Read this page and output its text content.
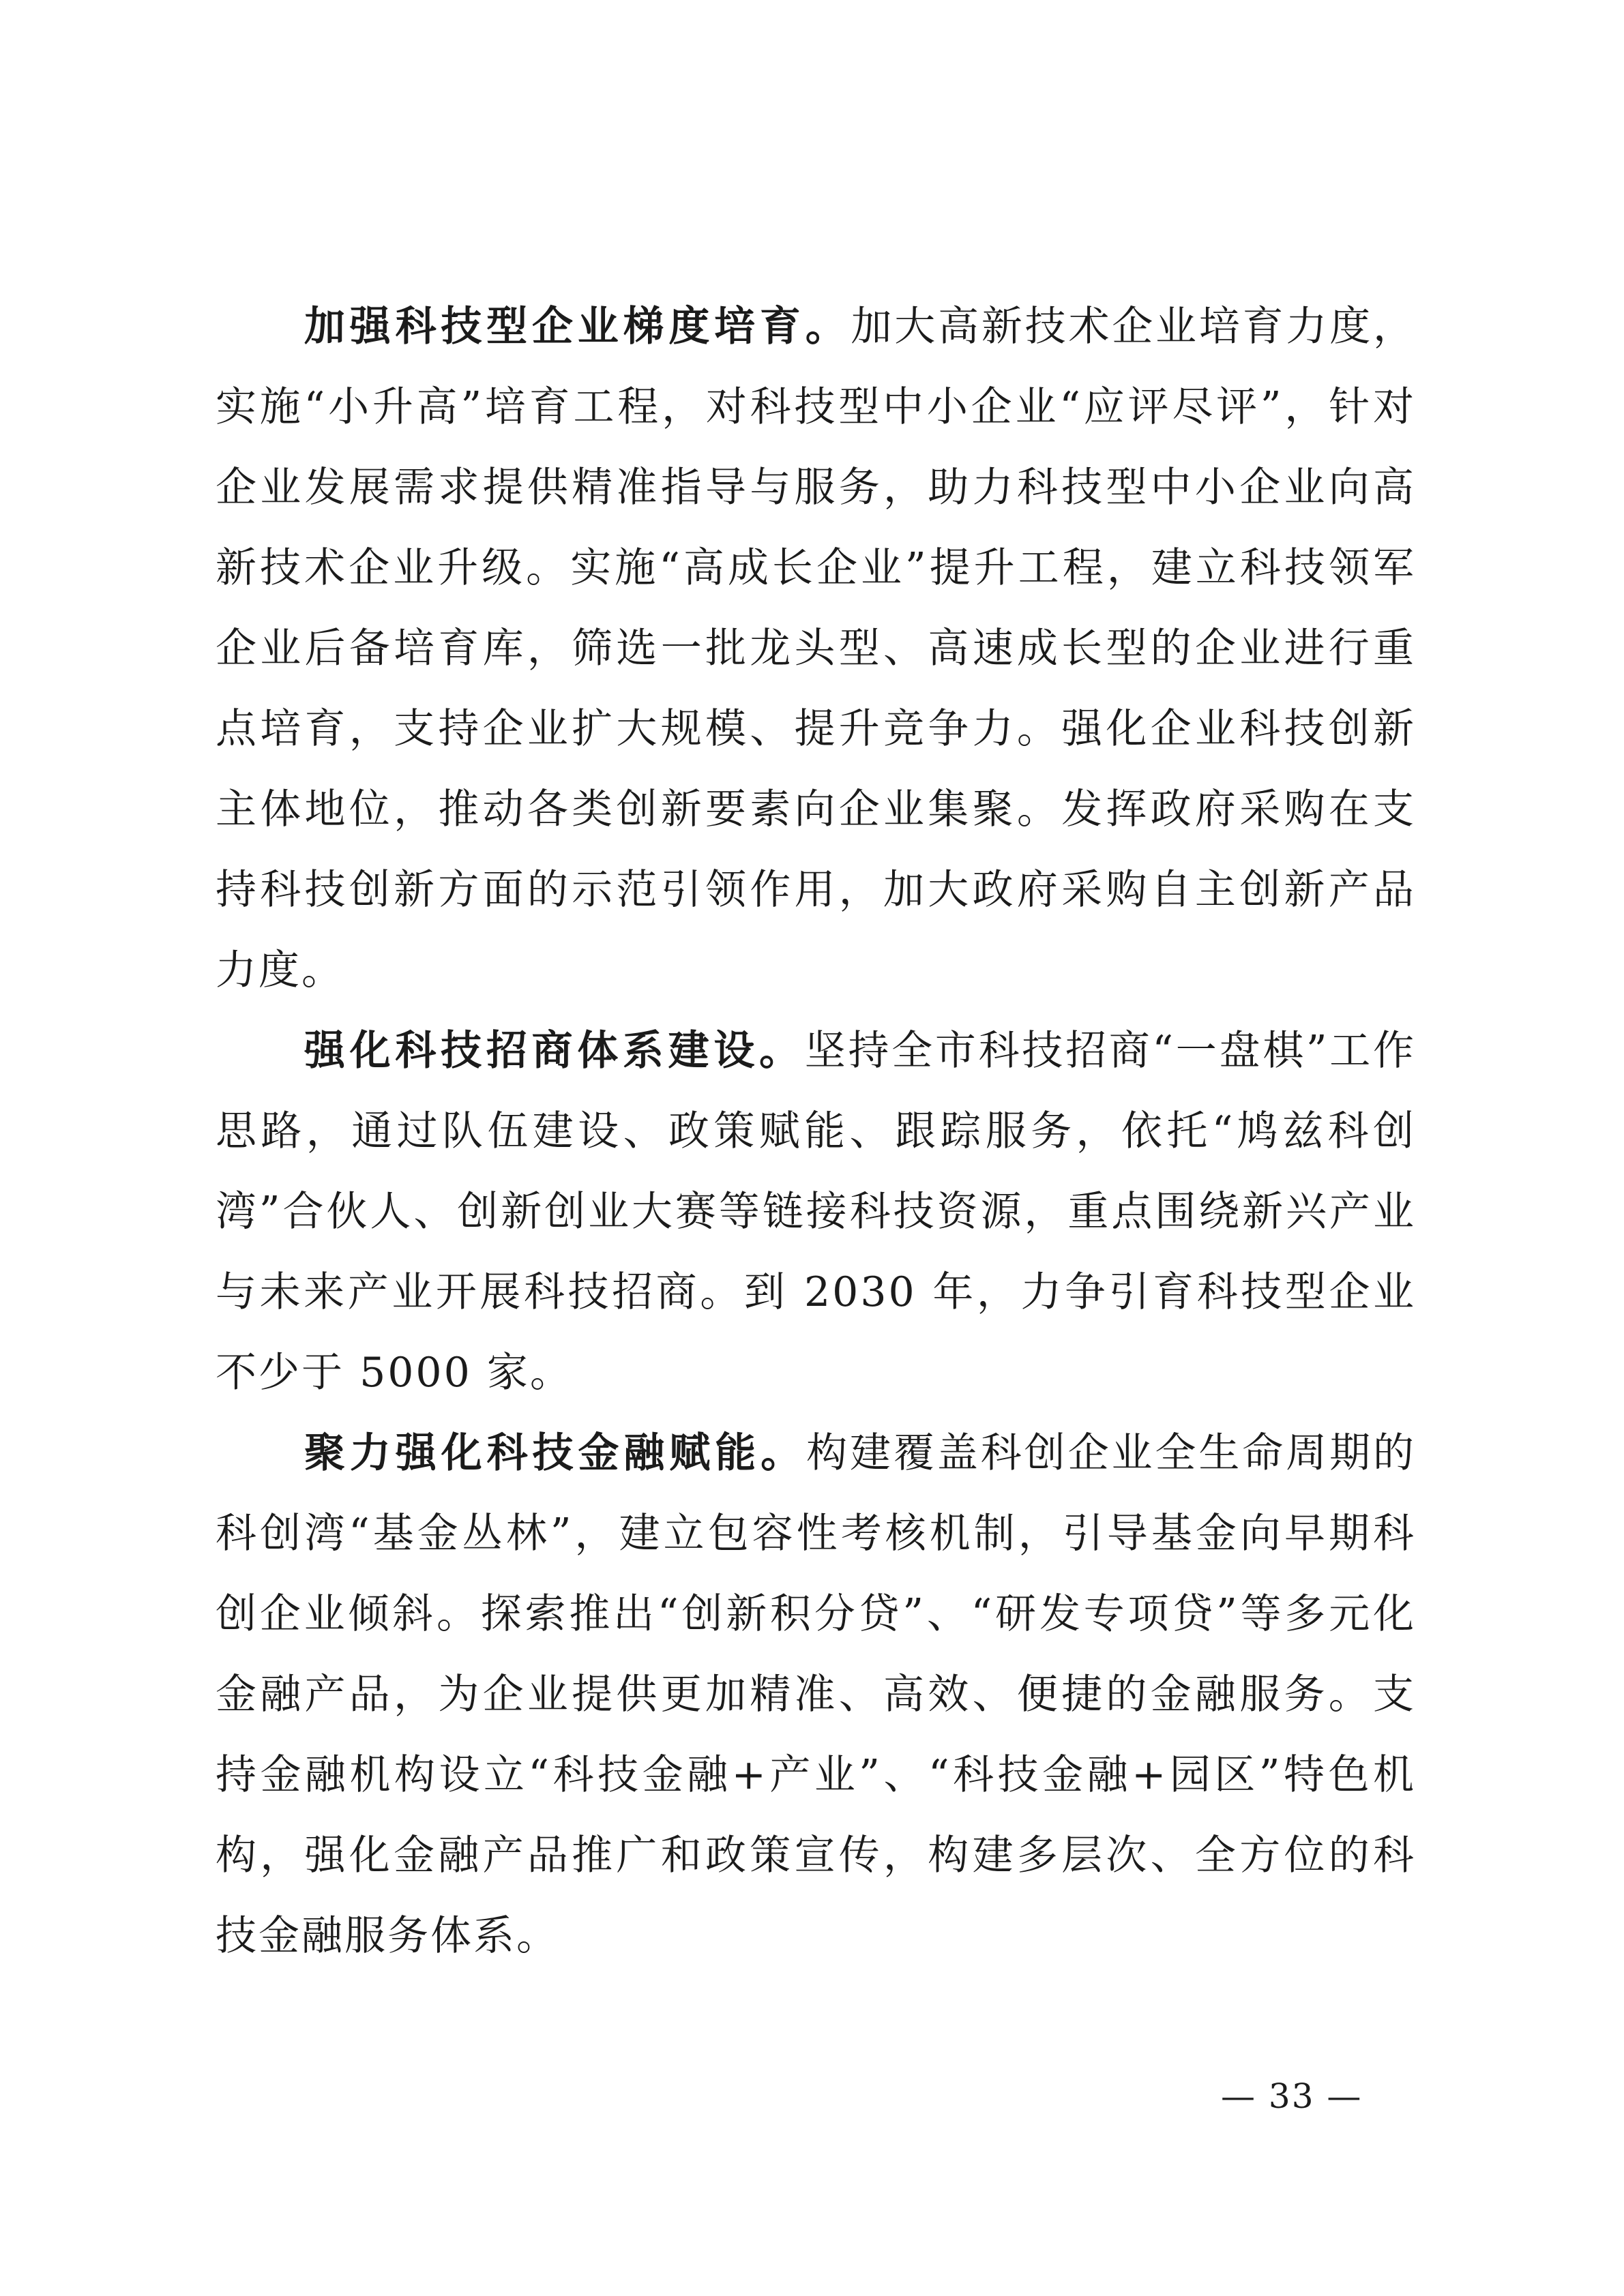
加强科技型企业梯度培育。加大高新技术企业培育力度，实施“小升高”培育工程，对科技型中小企业“应评尽评”，针对企业发展需求提供精准指导与服务，助力科技型中小企业向高新技术企业升级。实施“高成长企业”提升工程，建立科技领军企业后备培育库，筛选一批龙头型、高速成长型的企业进行重点培育，支持企业扩大规模、提升竞争力。强化企业科技创新主体地位，推动各类创新要素向企业集聚。发挥政府采购在支持科技创新方面的示范引领作用，加大政府采购自主创新产品力度。

强化科技招商体系建设。坚持全市科技招商“一盘棋”工作思路，通过队伍建设、政策赋能、跟踪服务，依托“鸠兹科创湾”合伙人、创新创业大赛等链接科技资源，重点围绕新兴产业与未来产业开展科技招商。到 2030 年，力争引育科技型企业不少于 5000 家。

聚力强化科技金融赋能。构建覆盖科创企业全生命周期的科创湾“基金丛林”，建立包容性考核机制，引导基金向早期科创企业倾斜。探索推出“创新积分贷”、“研发专项贷”等多元化金融产品，为企业提供更加精准、高效、便捷的金融服务。支持金融机构设立“科技金融+产业”、“科技金融+园区”特色机构，强化金融产品推广和政策宣传，构建多层次、全方位的科技金融服务体系。

— 33 —
